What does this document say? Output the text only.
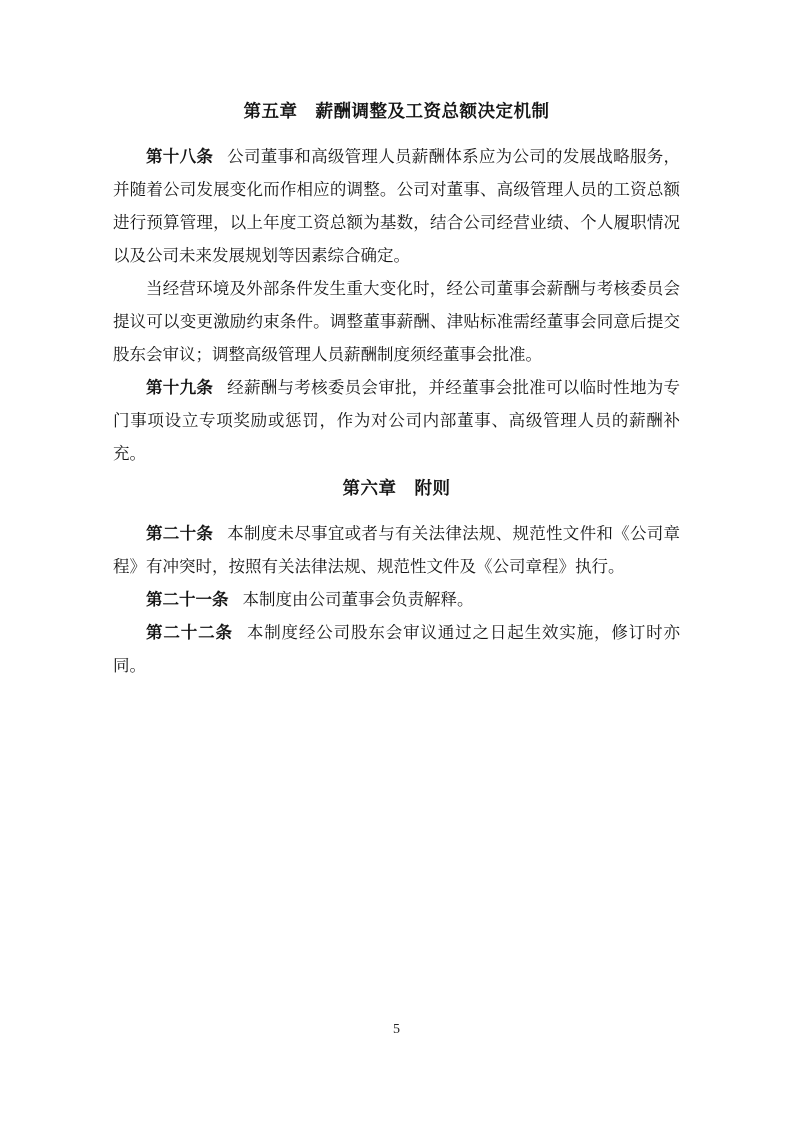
第五章　薪酬调整及工资总额决定机制

第十八条 公司董事和高级管理人员薪酬体系应为公司的发展战略服务，并随着公司发展变化而作相应的调整。公司对董事、高级管理人员的工资总额进行预算管理，以上年度工资总额为基数，结合公司经营业绩、个人履职情况以及公司未来发展规划等因素综合确定。

当经营环境及外部条件发生重大变化时，经公司董事会薪酬与考核委员会提议可以变更激励约束条件。调整董事薪酬、津贴标准需经董事会同意后提交股东会审议；调整高级管理人员薪酬制度须经董事会批准。

第十九条 经薪酬与考核委员会审批，并经董事会批准可以临时性地为专门事项设立专项奖励或惩罚，作为对公司内部董事、高级管理人员的薪酬补充。

第六章　附则

第二十条 本制度未尽事宜或者与有关法律法规、规范性文件和《公司章程》有冲突时，按照有关法律法规、规范性文件及《公司章程》执行。

第二十一条 本制度由公司董事会负责解释。

第二十二条 本制度经公司股东会审议通过之日起生效实施，修订时亦同。

5
